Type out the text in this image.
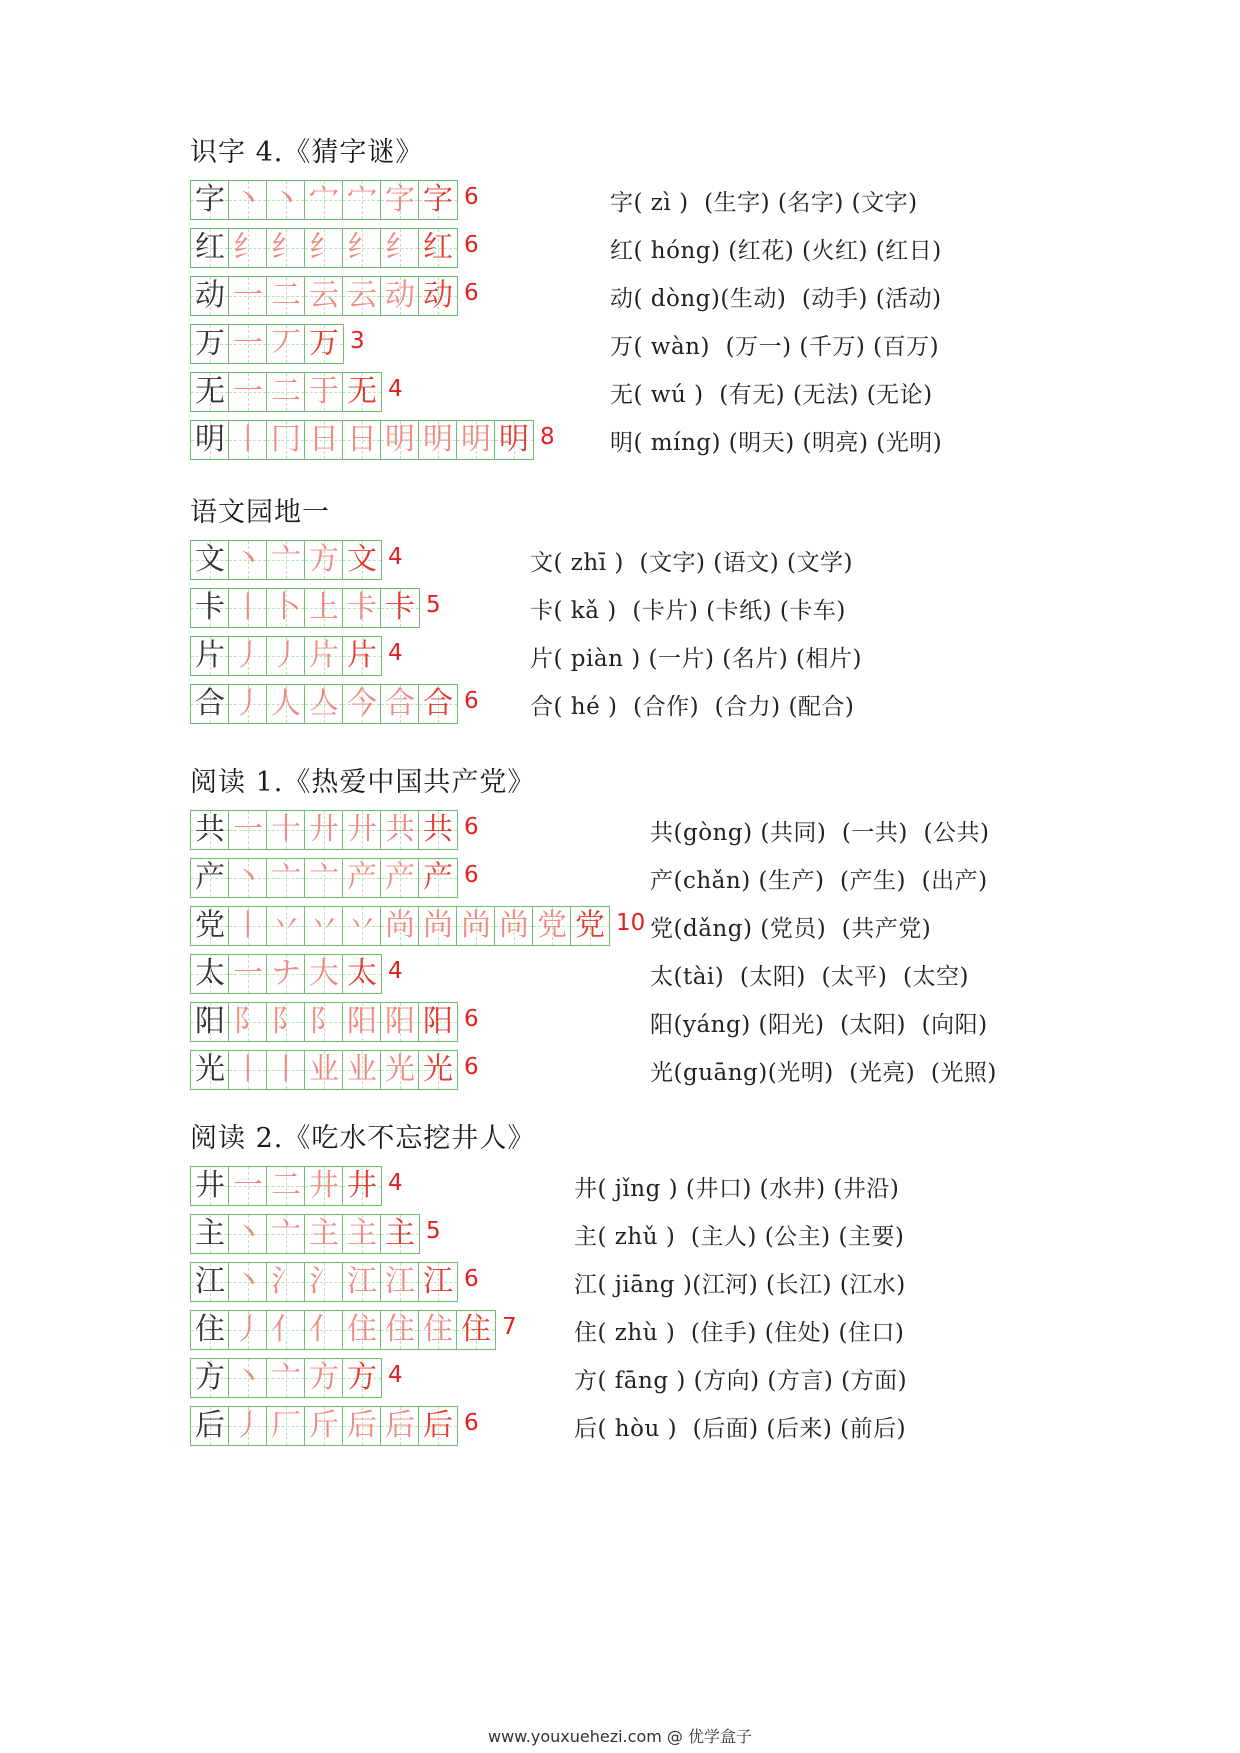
识字 4.《猜字谜》
字 丶 丶 宀 宀 字 字 6	字( zì )  (生字) (名字) (文字)
红 纟 纟 纟 纟 纟 红 6	红( hóng) (红花) (火红) (红日)
动 一 二 云 云 动 动 6	动( dòng)(生动)  (动手) (活动)
万 一 丆 万 3	万( wàn)  (万一) (千万) (百万)
无 一 二 于 无 4	无( wú )  (有无) (无法) (无论)
明 丨 冂 日 日 明 明 明 明 8 明( míng) (明天) (明亮) (光明)
语文园地一
文 丶 亠 方 文 4	文( zhī )  (文字) (语文) (文学)
卡 丨 卜 上 卡 卡 5	卡( kǎ )  (卡片) (卡纸) (卡车)
片 丿 丿 片 片 4	片( piàn ) (一片) (名片) (相片)
合 丿 人 亼 今 合 合 6 合( hé )  (合作)  (合力) (配合)
阅读 1.《热爱中国共产党》
共 一 十 廾 廾 共 共 6	共(gòng) (共同)  (一共)  (公共)
产 丶 亠 亠 产 产 产 6	产(chǎn) (生产)  (产生)  (出产)
党 丨 丷 丷 丷 尚 尚 尚 尚 党 党 10 党(dǎng) (党员)  (共产党)
太 一 ナ 大 太 4	太(tài)  (太阳)  (太平)  (太空)
阳 阝 阝 阝 阳 阳 阳 6	阳(yáng) (阳光)  (太阳)  (向阳)
光 丨 丨 业 业 光 光 6	光(guāng)(光明)  (光亮)  (光照)
阅读 2.《吃水不忘挖井人》
井 一 二 井 井 4	井( jǐng ) (井口) (水井) (井沿)
主 丶 亠 主 主 主 5	主( zhǔ )  (主人) (公主) (主要)
江 丶 氵 氵 江 江 江 6	江( jiāng )(江河) (长江) (江水)
住 丿 亻 亻 住 住 住 住 7 住( zhù )  (住手) (住处) (住口)
方 丶 亠 方 方 4	方( fāng ) (方向) (方言) (方面)
后 丿 厂 斤 后 后 后 6	后( hòu )  (后面) (后来) (前后)
www.youxuehezi.com @ 优学盒子
